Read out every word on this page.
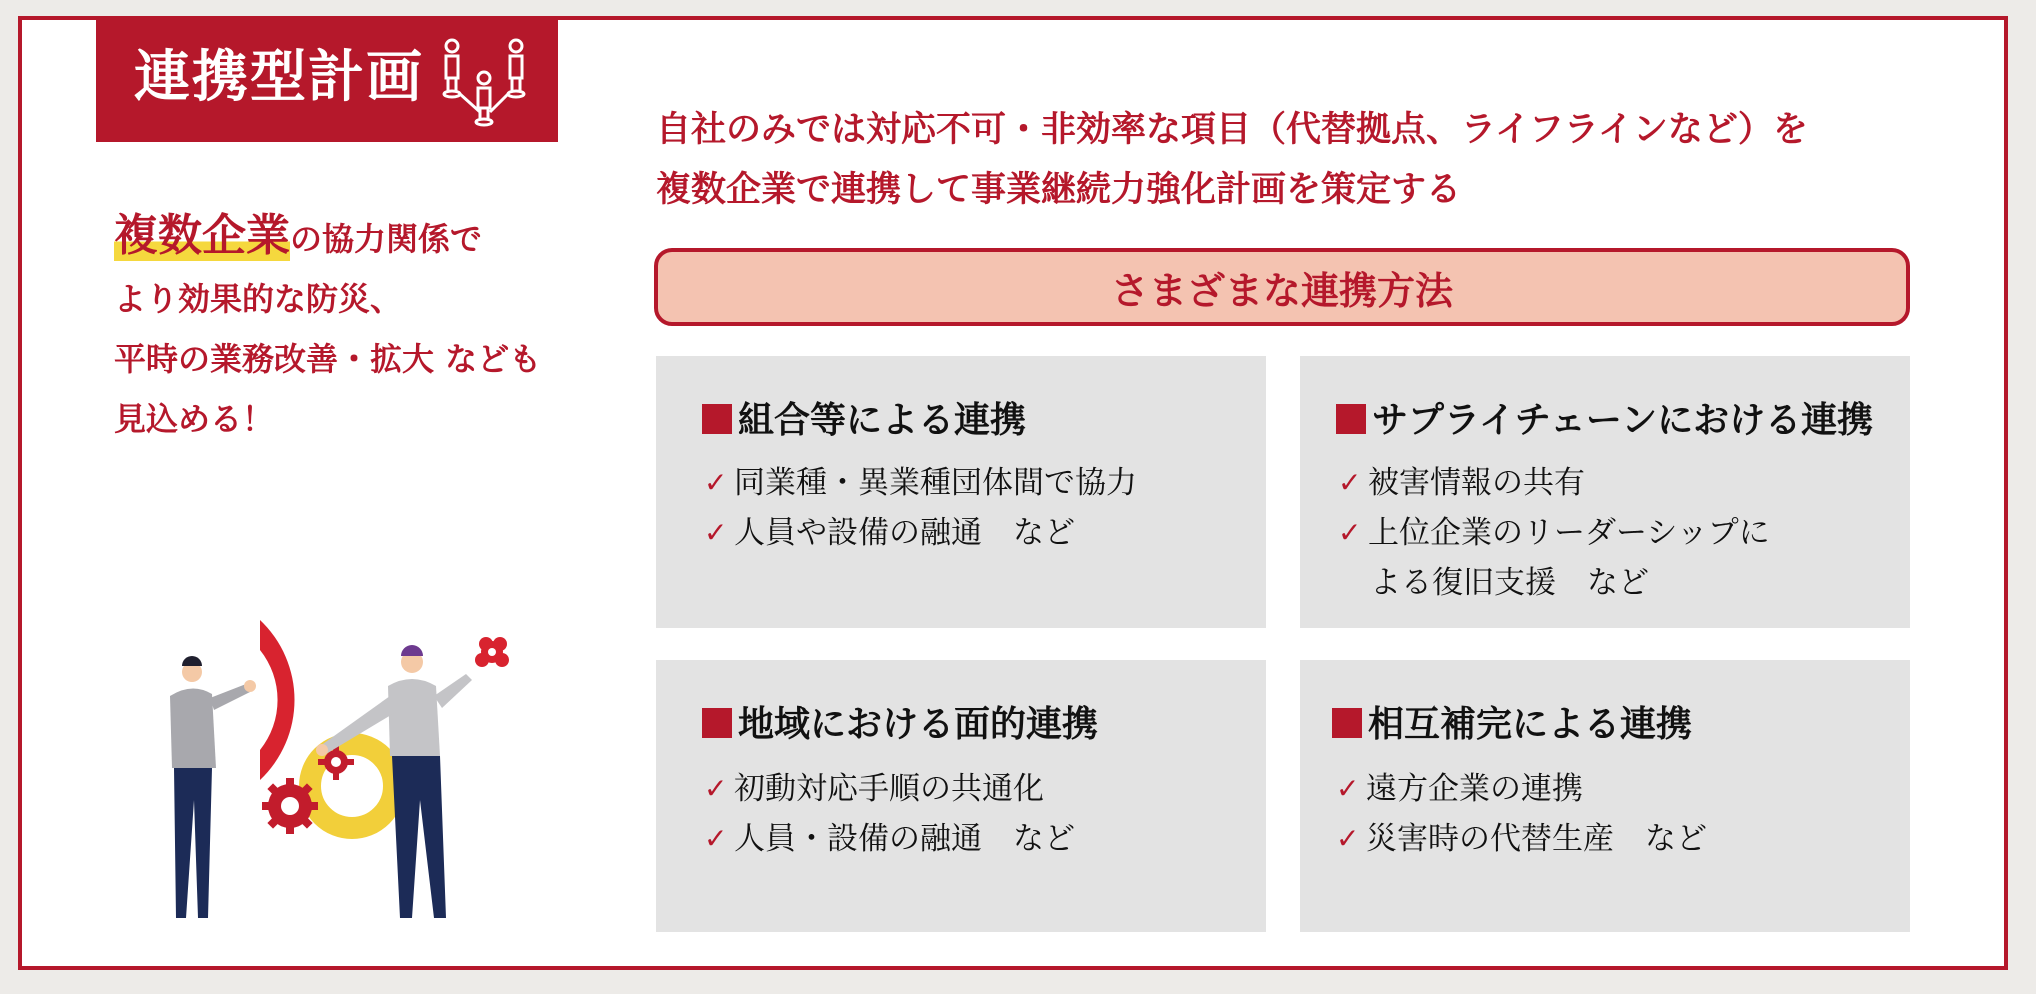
連携型計画
複数企業の協力関係で
より効果的な防災、
平時の業務改善・拡大 なども
見込める！
自社のみでは対応不可・非効率な項目（代替拠点、ライフラインなど）を
複数企業で連携して事業継続力強化計画を策定する
さまざまな連携方法
組合等による連携
✓ 同業種・異業種団体間で協力
✓ 人員や設備の融通　など
サプライチェーンにおける連携
✓ 被害情報の共有
✓ 上位企業のリーダーシップに
よる復旧支援　など
地域における面的連携
✓ 初動対応手順の共通化
✓ 人員・設備の融通　など
相互補完による連携
✓ 遠方企業の連携
✓ 災害時の代替生産　など
